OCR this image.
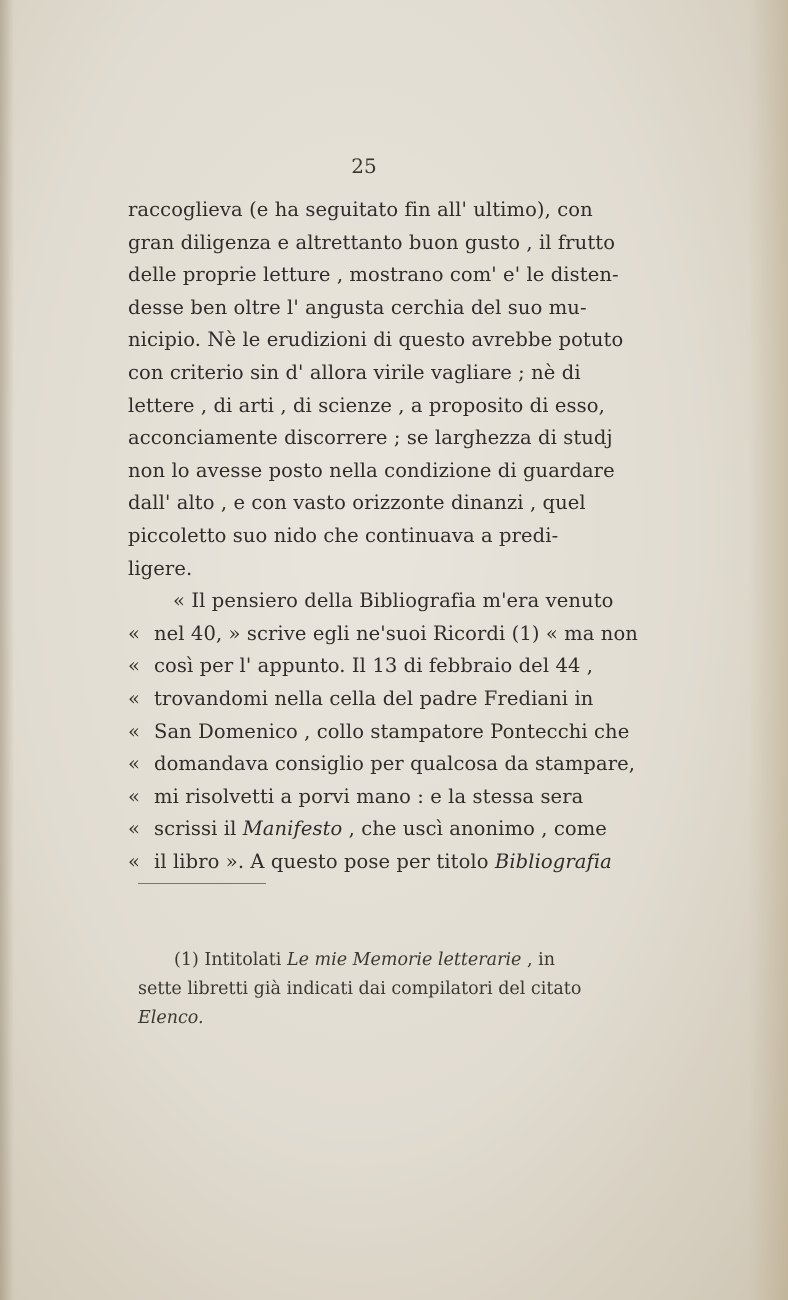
25
raccoglieva (e ha seguitato fin all' ultimo), con
gran diligenza e altrettanto buon gusto , il frutto
delle proprie letture , mostrano com' e' le disten-
desse ben oltre l' angusta cerchia del suo mu-
nicipio. Nè le erudizioni di questo avrebbe potuto
con criterio sin d' allora virile vagliare ; nè di
lettere , di arti , di scienze , a proposito di esso,
acconciamente discorrere ; se larghezza di studj
non lo avesse posto nella condizione di guardare
dall' alto , e con vasto orizzonte dinanzi , quel
piccoletto suo nido che continuava a predi-
ligere.
« Il pensiero della Bibliografia m'era venuto
« nel 40, » scrive egli ne'suoi Ricordi (1) « ma non
« così per l' appunto. Il 13 di febbraio del 44 ,
« trovandomi nella cella del padre Frediani in
« San Domenico , collo stampatore Pontecchi che
« domandava consiglio per qualcosa da stampare,
« mi risolvetti a porvi mano : e la stessa sera
« scrissi il Manifesto , che uscì anonimo , come
« il libro ». A questo pose per titolo Bibliografia
(1) Intitolati Le mie Memorie letterarie , in
sette libretti già indicati dai compilatori del citato
Elenco.
